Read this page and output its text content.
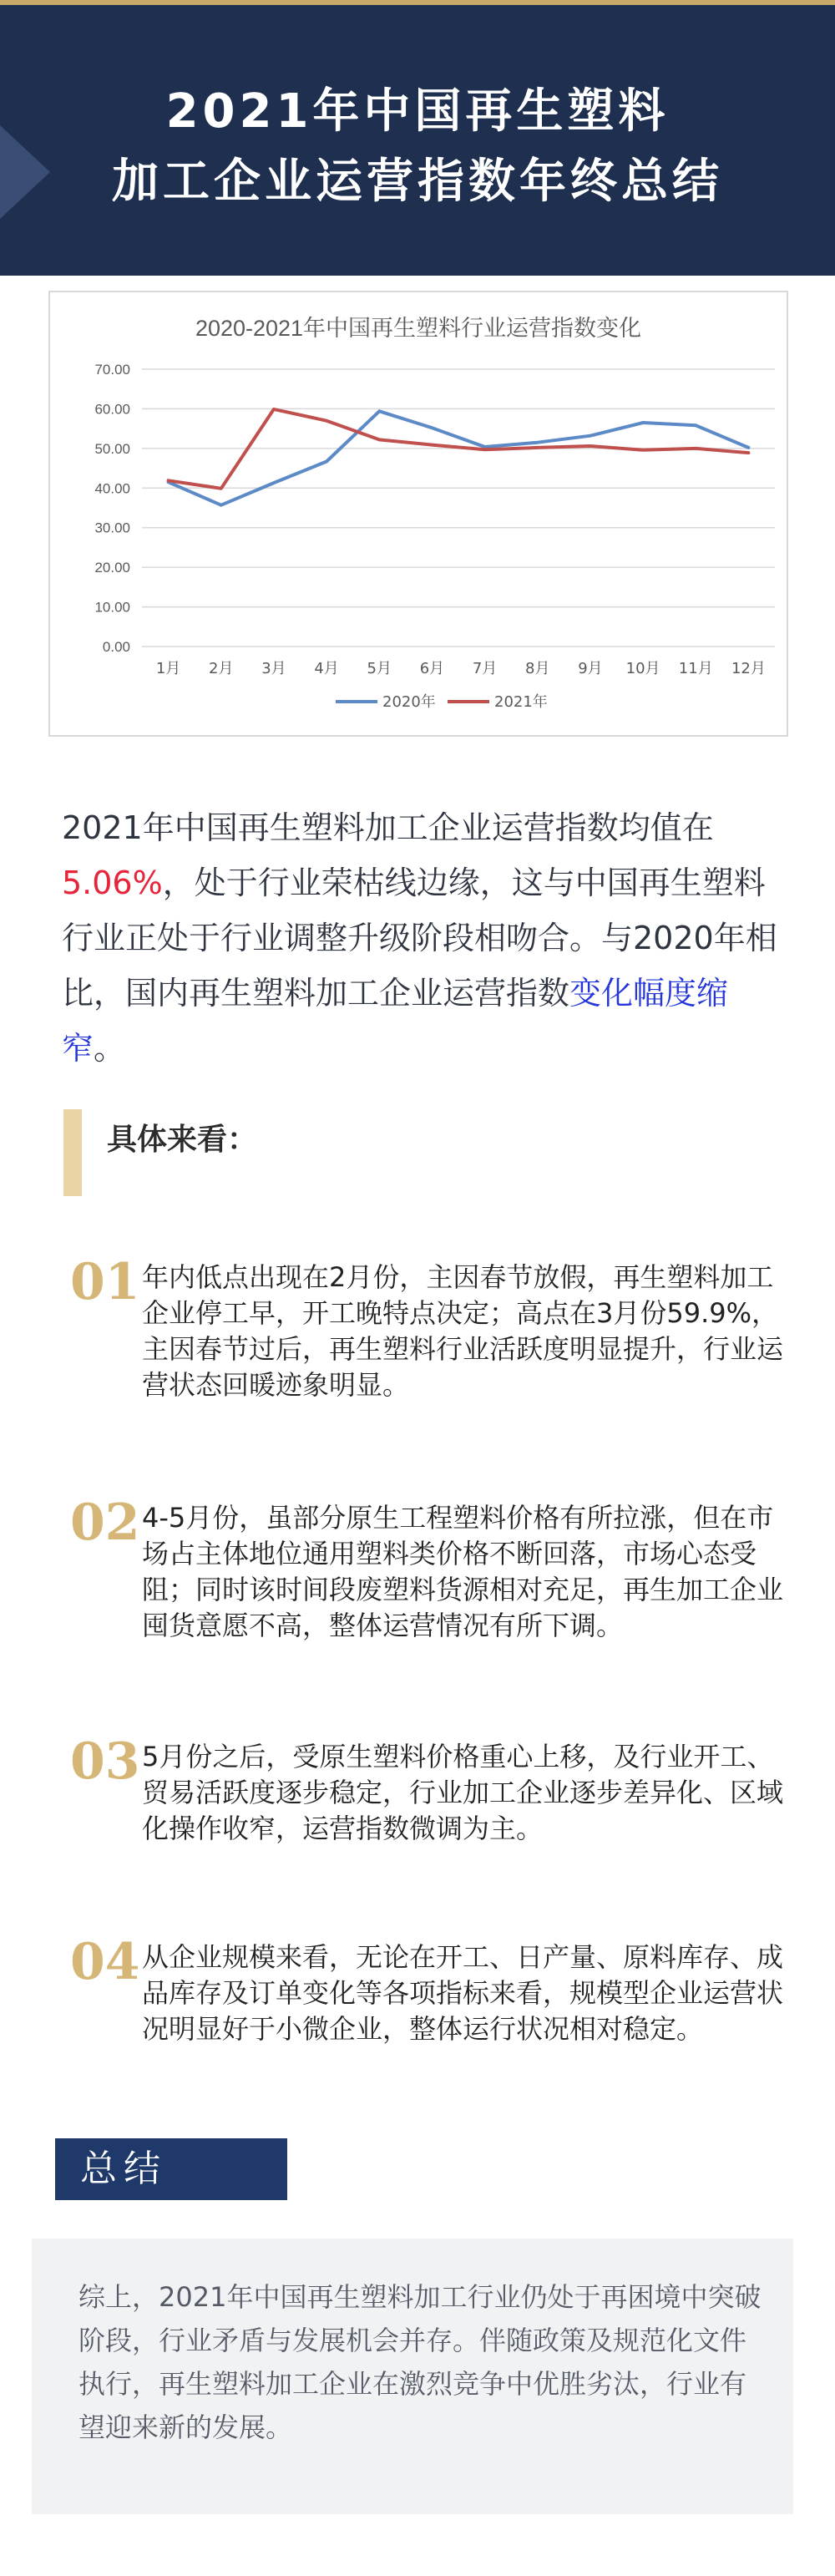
2021年中国再生塑料
加工企业运营指数年终总结
2020-2021年中国再生塑料行业运营指数变化
0.00
10.00
20.00
30.00
40.00
50.00
60.00
70.00
1月 2月 3月 4月 5月 6月 7月 8月 9月 10月 11月 12月
2020年	2021年
2021年中国再生塑料加工企业运营指数均值在5.06%，处于行业荣枯线边缘，这与中国再生塑料行业正处于行业调整升级阶段相吻合。与2020年相比，国内再生塑料加工企业运营指数变化幅度缩窄。
具体来看：
01 年内低点出现在2月份，主因春节放假，再生塑料加工企业停工早，开工晚特点决定；高点在3月份59.9%，主因春节过后，再生塑料行业活跃度明显提升，行业运营状态回暖迹象明显。
02 4-5月份，虽部分原生工程塑料价格有所拉涨，但在市场占主体地位通用塑料类价格不断回落，市场心态受阻；同时该时间段废塑料货源相对充足，再生加工企业囤货意愿不高，整体运营情况有所下调。
03 5月份之后，受原生塑料价格重心上移，及行业开工、贸易活跃度逐步稳定，行业加工企业逐步差异化、区域化操作收窄，运营指数微调为主。
04 从企业规模来看，无论在开工、日产量、原料库存、成品库存及订单变化等各项指标来看，规模型企业运营状况明显好于小微企业，整体运行状况相对稳定。
总结
综上，2021年中国再生塑料加工行业仍处于再困境中突破阶段，行业矛盾与发展机会并存。伴随政策及规范化文件执行，再生塑料加工企业在激烈竞争中优胜劣汰，行业有望迎来新的发展。
